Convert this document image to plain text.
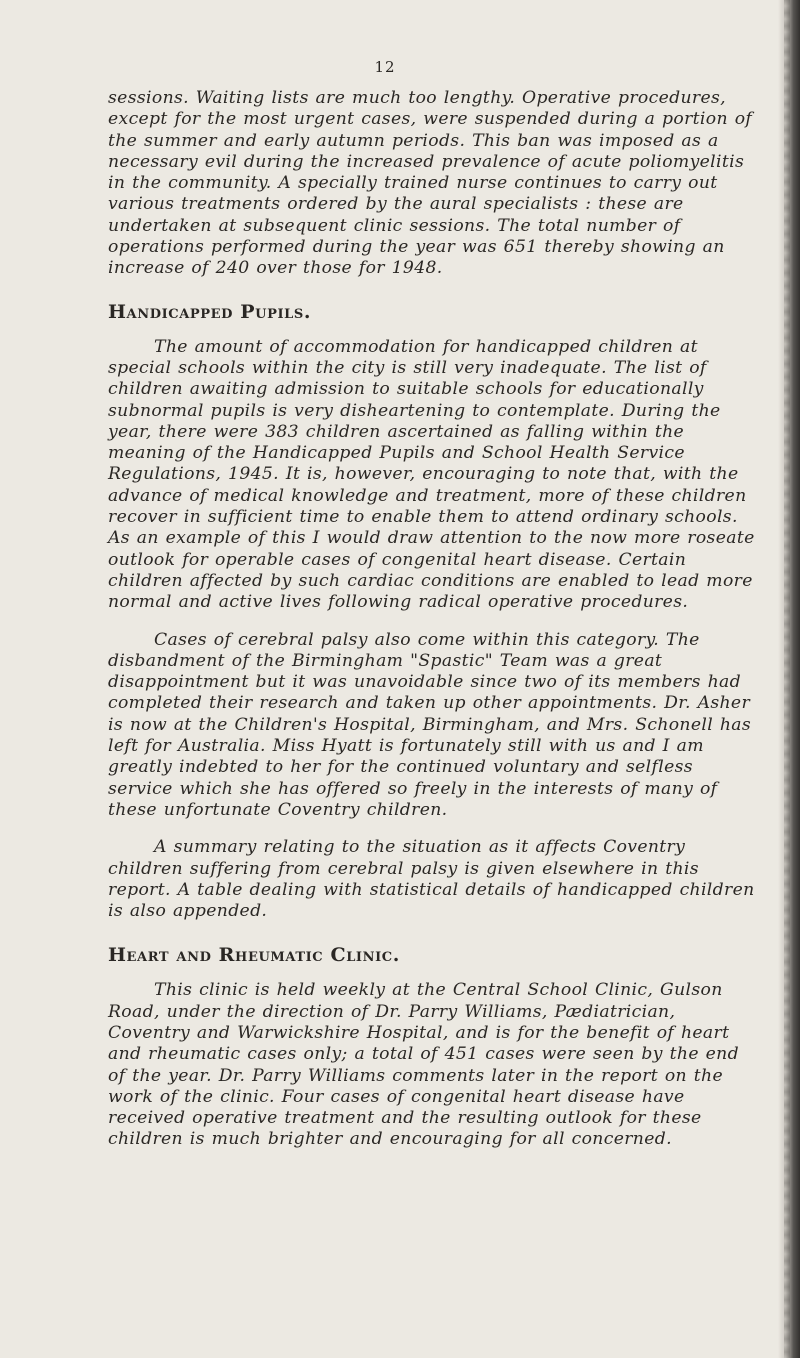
12

sessions. Waiting lists are much too lengthy. Operative procedures, except for the most urgent cases, were suspended during a portion of the summer and early autumn periods. This ban was imposed as a necessary evil during the increased prevalence of acute poliomyelitis in the community. A specially trained nurse continues to carry out various treatments ordered by the aural specialists : these are undertaken at subsequent clinic sessions. The total number of operations performed during the year was 651 thereby showing an increase of 240 over those for 1948.

Handicapped Pupils.

The amount of accommodation for handicapped children at special schools within the city is still very inadequate. The list of children awaiting admission to suitable schools for educationally subnormal pupils is very disheartening to contemplate. During the year, there were 383 children ascertained as falling within the meaning of the Handicapped Pupils and School Health Service Regulations, 1945. It is, however, encouraging to note that, with the advance of medical knowledge and treatment, more of these children recover in sufficient time to enable them to attend ordinary schools. As an example of this I would draw attention to the now more roseate outlook for operable cases of congenital heart disease. Certain children affected by such cardiac conditions are enabled to lead more normal and active lives following radical operative procedures.

Cases of cerebral palsy also come within this category. The disbandment of the Birmingham "Spastic" Team was a great disappointment but it was unavoidable since two of its members had completed their research and taken up other appointments. Dr. Asher is now at the Children's Hospital, Birmingham, and Mrs. Schonell has left for Australia. Miss Hyatt is fortunately still with us and I am greatly indebted to her for the continued voluntary and selfless service which she has offered so freely in the interests of many of these unfortunate Coventry children.

A summary relating to the situation as it affects Coventry children suffering from cerebral palsy is given elsewhere in this report. A table dealing with statistical details of handicapped children is also appended.

Heart and Rheumatic Clinic.

This clinic is held weekly at the Central School Clinic, Gulson Road, under the direction of Dr. Parry Williams, Pædiatrician, Coventry and Warwickshire Hospital, and is for the benefit of heart and rheumatic cases only; a total of 451 cases were seen by the end of the year. Dr. Parry Williams comments later in the report on the work of the clinic. Four cases of congenital heart disease have received operative treatment and the resulting outlook for these children is much brighter and encouraging for all concerned.
